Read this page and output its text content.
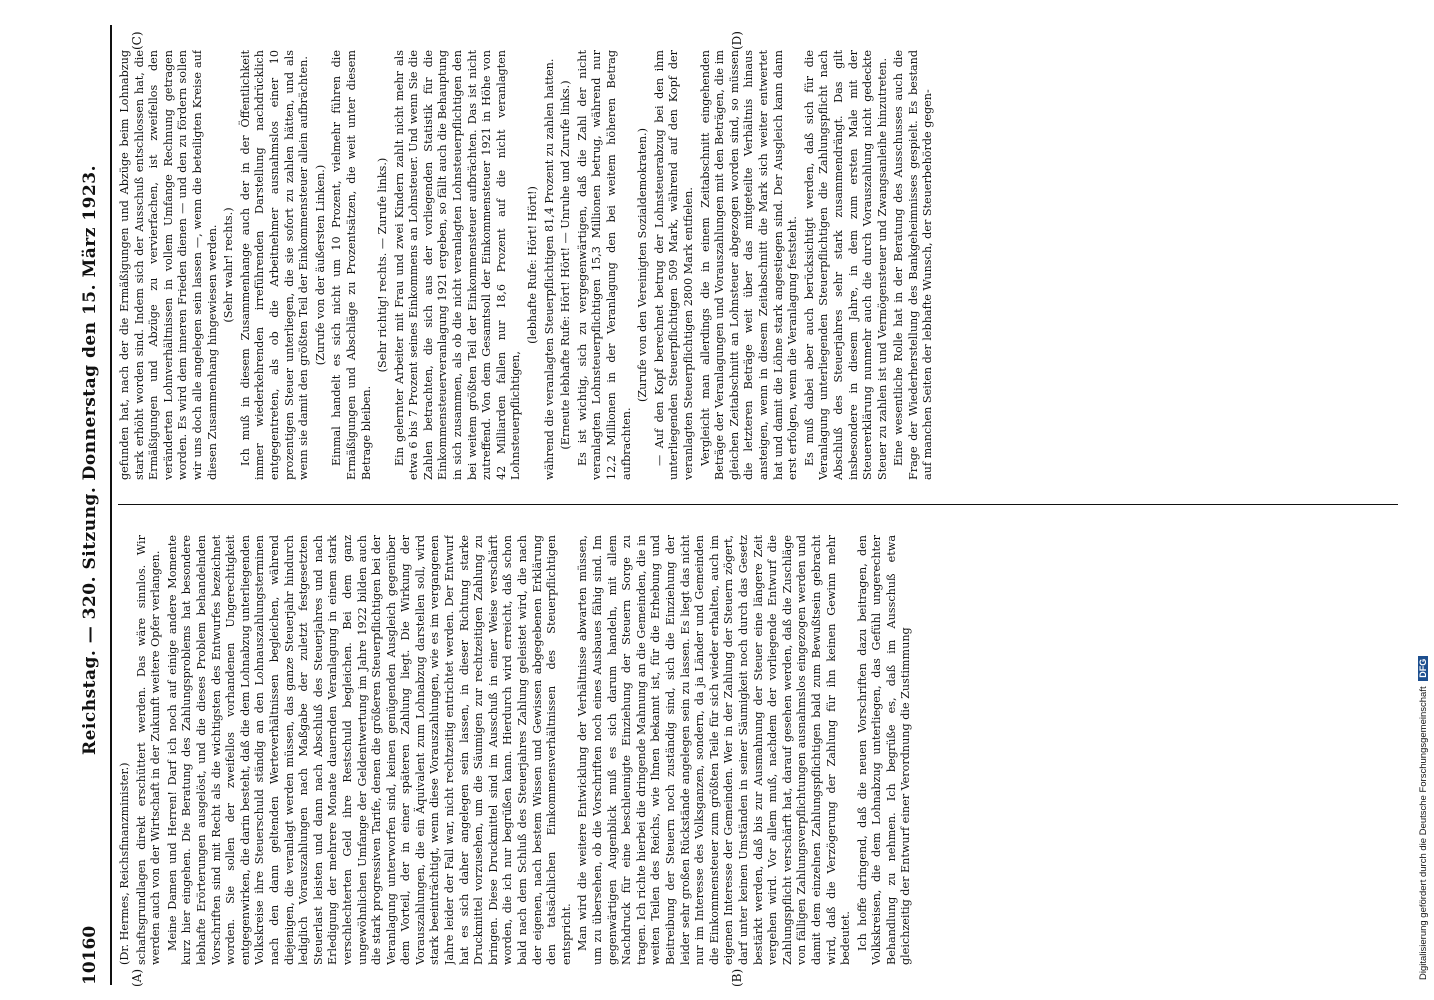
10160
Reichstag. — 320. Sitzung. Donnerstag den 15. März 1923.
(A)	(B)
(C)	(D)

(Dr. Hermes, Reichsfinanzminister.) schaftsgrundlagen direkt erschüttert werden. Das wäre sinnlos. Wir werden auch von der Wirtschaft in der Zukunft weitere Opfer verlangen. Meine Damen und Herren! Darf ich noch auf einige andere Momente kurz hier eingehen. Die Beratung des Zahlungsproblems hat besondere lebhafte Erörterungen ausgelöst, und die dieses Problem behandelnden Vorschriften sind mit Recht als die wichtigsten des Entwurfes bezeichnet worden. Sie sollen der zweifellos vorhandenen Ungerechtigkeit entgegenwirken, die darin besteht, daß die dem Lohnabzug unterliegenden Volkskreise ihre Steuerschuld ständig an den Lohnauszahlungsterminen nach den dann geltenden Werteverhältnissen begleichen, während diejenigen, die veranlagt werden müssen, das ganze Steuerjahr hindurch lediglich Vorauszahlungen nach Maßgabe der zuletzt festgesetzten Steuerlast leisten und dann nach Abschluß des Steuerjahres und nach Erledigung der mehrere Monate dauernden Veranlagung in einem stark verschlechterten Geld ihre Restschuld begleichen. Bei dem ganz ungewöhnlichen Umfange der Geldentwertung im Jahre 1922 bilden auch die stark progressiven Tarife, denen die größeren Steuerpflichtigen bei der Veranlagung unterworfen sind, keinen genügenden Ausgleich gegenüber dem Vorteil, der in einer späteren Zahlung liegt. Die Wirkung der Vorauszahlungen, die ein Äquivalent zum Lohnabzug darstellen soll, wird stark beeinträchtigt, wenn diese Vorauszahlungen, wie es im vergangenen Jahre leider der Fall war, nicht rechtzeitig entrichtet werden. Der Entwurf hat es sich daher angelegen sein lassen, in dieser Richtung starke Druckmittel vorzusehen, um die Säumigen zur rechtzeitigen Zahlung zu bringen. Diese Druckmittel sind im Ausschuß in einer Weise verschärft worden, die ich nur begrüßen kann. Hierdurch wird erreicht, daß schon bald nach dem Schluß des Steuerjahres Zahlung geleistet wird, die nach der eigenen, nach bestem Wissen und Gewissen abgegebenen Erklärung den tatsächlichen Einkommensverhältnissen des Steuerpflichtigen entspricht. Man wird die weitere Entwicklung der Verhältnisse abwarten müssen, um zu übersehen, ob die Vorschriften noch eines Ausbaues fähig sind. Im gegenwärtigen Augenblick muß es sich darum handeln, mit allem Nachdruck für eine beschleunigte Einziehung der Steuern Sorge zu tragen. Ich richte hierbei die dringende Mahnung an die Gemeinden, die in weiten Teilen des Reichs, wie Ihnen bekannt ist, für die Erhebung und Beitreibung der Steuern noch zuständig sind, sich die Einziehung der leider sehr großen Rückstände angelegen sein zu lassen. Es liegt das nicht nur im Interesse des Volksganzen, sondern, da ja Länder und Gemeinden die Einkommensteuer zum größten Teile für sich wieder erhalten, auch im eigenen Interesse der Gemeinden. Wer in der Zahlung der Steuern zögert, darf unter keinen Umständen in seiner Säumigkeit noch durch das Gesetz bestärkt werden, daß bis zur Ausmahnung der Steuer eine längere Zeit vergehen wird. Vor allem muß, nachdem der vorliegende Entwurf die Zahlungspflicht verschärft hat, darauf gesehen werden, daß die Zuschläge von fälligen Zahlungsverpflichtungen ausnahmslos eingezogen werden und damit dem einzelnen Zahlungspflichtigen bald zum Bewußtsein gebracht wird, daß die Verzögerung der Zahlung für ihn keinen Gewinn mehr bedeutet. Ich hoffe dringend, daß die neuen Vorschriften dazu beitragen, den Volkskreisen, die dem Lohnabzug unterliegen, das Gefühl ungerechter Behandlung zu nehmen. Ich begrüße es, daß im Ausschuß etwa gleichzeitig der Entwurf einer Verordnung die Zustimmung

gefunden hat, nach der die Ermäßigungen und Abzüge beim Lohnabzug stark erhöht worden sind. Indem sich der Ausschuß entschlossen hat, die Ermäßigungen und Abzüge zu vervierfachen, ist zweifellos den veränderten Lohnverhältnissen in vollem Umfange Rechnung getragen worden. Es wird dem inneren Frieden dienen — und den zu fördern sollen wir uns doch alle angelegen sein lassen —, wenn die beteiligten Kreise auf diesen Zusammenhang hingewiesen werden. (Sehr wahr! rechts.) Ich muß in diesem Zusammenhange auch der in der Öffentlichkeit immer wiederkehrenden irreführenden Darstellung nachdrücklich entgegentreten, als ob die Arbeitnehmer ausnahmslos einer 10 prozentigen Steuer unterliegen, die sie sofort zu zahlen hätten, und als wenn sie damit den größten Teil der Einkommensteuer allein aufbrächten. (Zurufe von der äußersten Linken.) Einmal handelt es sich nicht um 10 Prozent, vielmehr führen die Ermäßigungen und Abschläge zu Prozentsätzen, die weit unter diesem Betrage bleiben.

(Sehr richtig! rechts. — Zurufe links.) Ein gelernter Arbeiter mit Frau und zwei Kindern zahlt nicht mehr als etwa 6 bis 7 Prozent seines Einkommens an Lohnsteuer. Und wenn Sie die Zahlen betrachten, die sich aus der vorliegenden Statistik für die Einkommensteuerveranlagung 1921 ergeben, so fällt auch die Behauptung in sich zusammen, als ob die nicht veranlagten Lohnsteuerpflichtigen den bei weitem größten Teil der Einkommensteuer aufbrächten. Das ist nicht zutreffend. Von dem Gesamtsoll der Einkommensteuer 1921 in Höhe von 42 Milliarden fallen nur 18,6 Prozent auf die nicht veranlagten Lohnsteuerpflichtigen,

(lebhafte Rufe: Hört! Hört!) während die veranlagten Steuerpflichtigen 81,4 Prozent zu zahlen hatten. (Erneute lebhafte Rufe: Hört! Hört! — Unruhe und Zurufe links.) Es ist wichtig, sich zu vergegenwärtigen, daß die Zahl der nicht veranlagten Lohnsteuerpflichtigen 15,3 Millionen betrug, während nur 12,2 Millionen in der Veranlagung den bei weitem höheren Betrag aufbrachten.

(Zurufe von den Vereinigten Sozialdemokraten.) — Auf den Kopf berechnet betrug der Lohnsteuerabzug bei den ihm unterliegenden Steuerpflichtigen 509 Mark, während auf den Kopf der veranlagten Steuerpflichtigen 2800 Mark entfielen. Vergleicht man allerdings die in einem Zeitabschnitt eingehenden Beträge der Veranlagungen und Vorauszahlungen mit den Beträgen, die im gleichen Zeitabschnitt an Lohnsteuer abgezogen worden sind, so müssen die letzteren Beträge weit über das mitgeteilte Verhältnis hinaus ansteigen, wenn in diesem Zeitabschnitt die Mark sich weiter entwertet hat und damit die Löhne stark angestiegen sind. Der Ausgleich kann dann erst erfolgen, wenn die Veranlagung feststeht. Es muß dabei aber auch berücksichtigt werden, daß sich für die Veranlagung unterliegenden Steuerpflichtigen die Zahlungspflicht nach Abschluß des Steuerjahres sehr stark zusammendrängt. Das gilt insbesondere in diesem Jahre, in dem zum ersten Male mit der Steuererklärung nunmehr auch die durch Vorauszahlung nicht gedeckte Steuer zu zahlen ist und Vermögensteuer und Zwangsanleihe hinzutreten. Eine wesentliche Rolle hat in der Beratung des Ausschusses auch die Frage der Wiederherstellung des Bankgeheimnisses gespielt. Es bestand auf manchen Seiten der lebhafte Wunsch, der Steuerbehörde gegen-

Digitalisierung gefördert durch die Deutsche Forschungsgemeinschaft DFG
